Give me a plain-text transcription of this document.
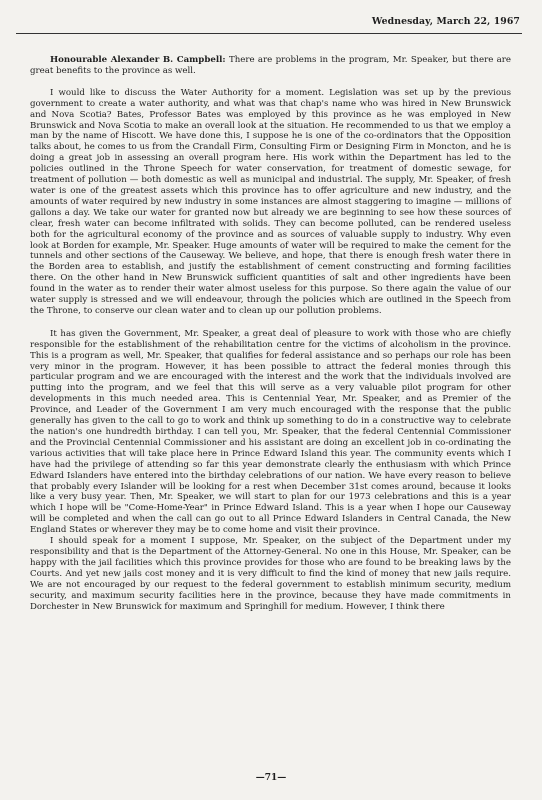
Wednesday, March 22, 1967

Honourable Alexander B. Campbell: There are problems in the program, Mr. Speaker, but there are great benefits to the province as well.

I would like to discuss the Water Authority for a moment. Legislation was set up by the previous government to create a water authority, and what was that chap's name who was hired in New Brunswick and Nova Scotia? Bates, Professor Bates was employed by this province as he was employed in New Brunswick and Nova Scotia to make an overall look at the situation. He recommended to us that we employ a man by the name of Hiscott. We have done this, I suppose he is one of the co-ordinators that the Opposition talks about, he comes to us from the Crandall Firm, Consulting Firm or Designing Firm in Moncton, and he is doing a great job in assessing an overall program here. His work within the Department has led to the policies outlined in the Throne Speech for water conservation, for treatment of domestic sewage, for treatment of pollution — both domestic as well as municipal and industrial. The supply, Mr. Speaker, of fresh water is one of the greatest assets which this province has to offer agriculture and new industry, and the amounts of water required by new industry in some instances are almost staggering to imagine — millions of gallons a day. We take our water for granted now but already we are beginning to see how these sources of clear, fresh water can become infiltrated with solids. They can become polluted, can be rendered useless both for the agricultural economy of the province and as sources of valuable supply to industry. Why even look at Borden for example, Mr. Speaker. Huge amounts of water will be required to make the cement for the tunnels and other sections of the Causeway. We believe, and hope, that there is enough fresh water there in the Borden area to establish, and justify the establishment of cement constructing and forming facilities there. On the other hand in New Brunswick sufficient quantities of salt and other ingredients have been found in the water as to render their water almost useless for this purpose. So there again the value of our water supply is stressed and we will endeavour, through the policies which are outlined in the Speech from the Throne, to conserve our clean water and to clean up our pollution problems.

It has given the Government, Mr. Speaker, a great deal of pleasure to work with those who are chiefly responsible for the establishment of the rehabilitation centre for the victims of alcoholism in the province. This is a program as well, Mr. Speaker, that qualifies for federal assistance and so perhaps our role has been very minor in the program. However, it has been possible to attract the federal monies through this particular program and we are encouraged with the interest and the work that the individuals involved are putting into the program, and we feel that this will serve as a very valuable pilot program for other developments in this much needed area. This is Centennial Year, Mr. Speaker, and as Premier of the Province, and Leader of the Government I am very much encouraged with the response that the public generally has given to the call to go to work and think up something to do in a constructive way to celebrate the nation's one hundredth birthday. I can tell you, Mr. Speaker, that the federal Centennial Commissioner and the Provincial Centennial Commissioner and his assistant are doing an excellent job in co-ordinating the various activities that will take place here in Prince Edward Island this year. The community events which I have had the privilege of attending so far this year demonstrate clearly the enthusiasm with which Prince Edward Islanders have entered into the birthday celebrations of our nation. We have every reason to believe that probably every Islander will be looking for a rest when December 31st comes around, because it looks like a very busy year. Then, Mr. Speaker, we will start to plan for our 1973 celebrations and this is a year which I hope will be "Come-Home-Year" in Prince Edward Island. This is a year when I hope our Causeway will be completed and when the call can go out to all Prince Edward Islanders in Central Canada, the New England States or wherever they may be to come home and visit their province.

I should speak for a moment I suppose, Mr. Speaker, on the subject of the Department under my responsibility and that is the Department of the Attorney-General. No one in this House, Mr. Speaker, can be happy with the jail facilities which this province provides for those who are found to be breaking laws by the Courts. And yet new jails cost money and it is very difficult to find the kind of money that new jails require. We are not encouraged by our request to the federal government to establish minimum security, medium security, and maximum security facilities here in the province, because they have made commitments in Dorchester in New Brunswick for maximum and Springhill for medium. However, I think there

—71—
